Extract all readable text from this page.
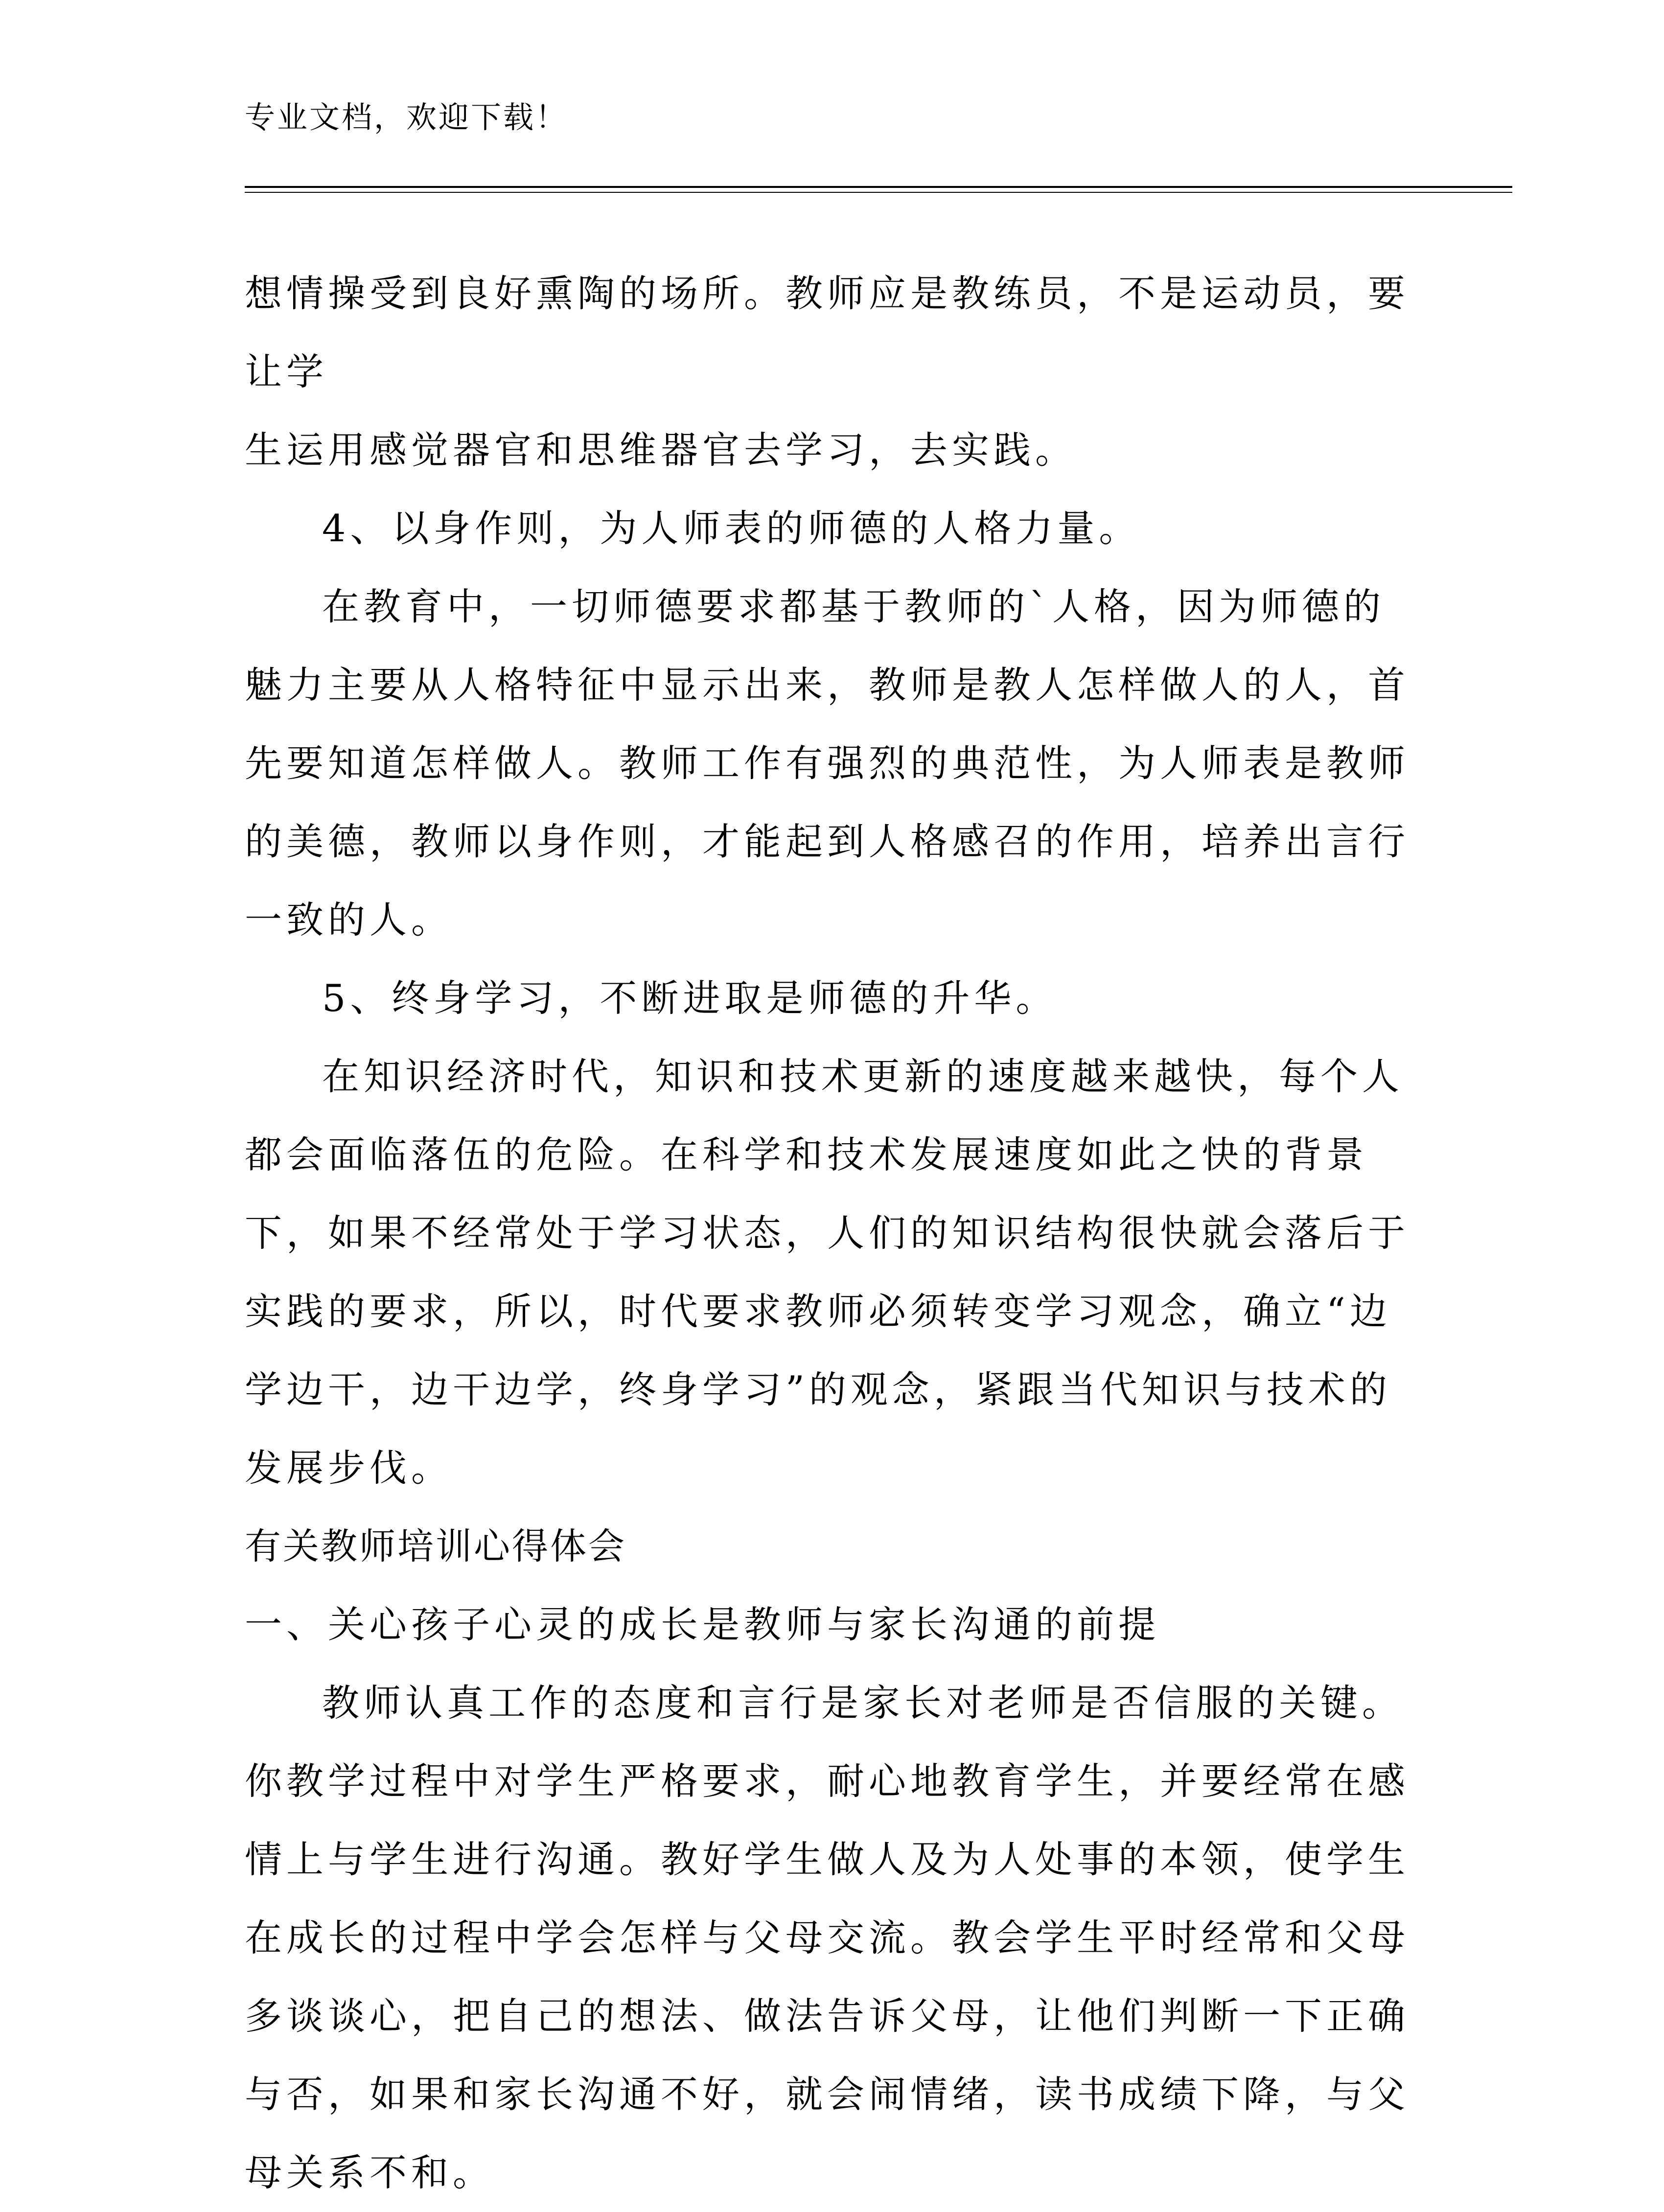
专业文档，欢迎下载！

想情操受到良好熏陶的场所。教师应是教练员，不是运动员，要让学

生运用感觉器官和思维器官去学习，去实践。

4、以身作则，为人师表的师德的人格力量。

在教育中，一切师德要求都基于教师的`人格，因为师德的魅力主要从人格特征中显示出来，教师是教人怎样做人的人，首先要知道怎样做人。教师工作有强烈的典范性，为人师表是教师的美德，教师以身作则，才能起到人格感召的作用，培养出言行一致的人。

5、终身学习，不断进取是师德的升华。

在知识经济时代，知识和技术更新的速度越来越快，每个人都会面临落伍的危险。在科学和技术发展速度如此之快的背景下，如果不经常处于学习状态，人们的知识结构很快就会落后于实践的要求，所以，时代要求教师必须转变学习观念，确立“边学边干，边干边学，终身学习”的观念，紧跟当代知识与技术的发展步伐。

有关教师培训心得体会

一、关心孩子心灵的成长是教师与家长沟通的前提

教师认真工作的态度和言行是家长对老师是否信服的关键。你教学过程中对学生严格要求，耐心地教育学生，并要经常在感情上与学生进行沟通。教好学生做人及为人处事的本领，使学生在成长的过程中学会怎样与父母交流。教会学生平时经常和父母多谈谈心，把自己的想法、做法告诉父母，让他们判断一下正确与否，如果和家长沟通不好，就会闹情绪，读书成绩下降，与父母关系不和。
